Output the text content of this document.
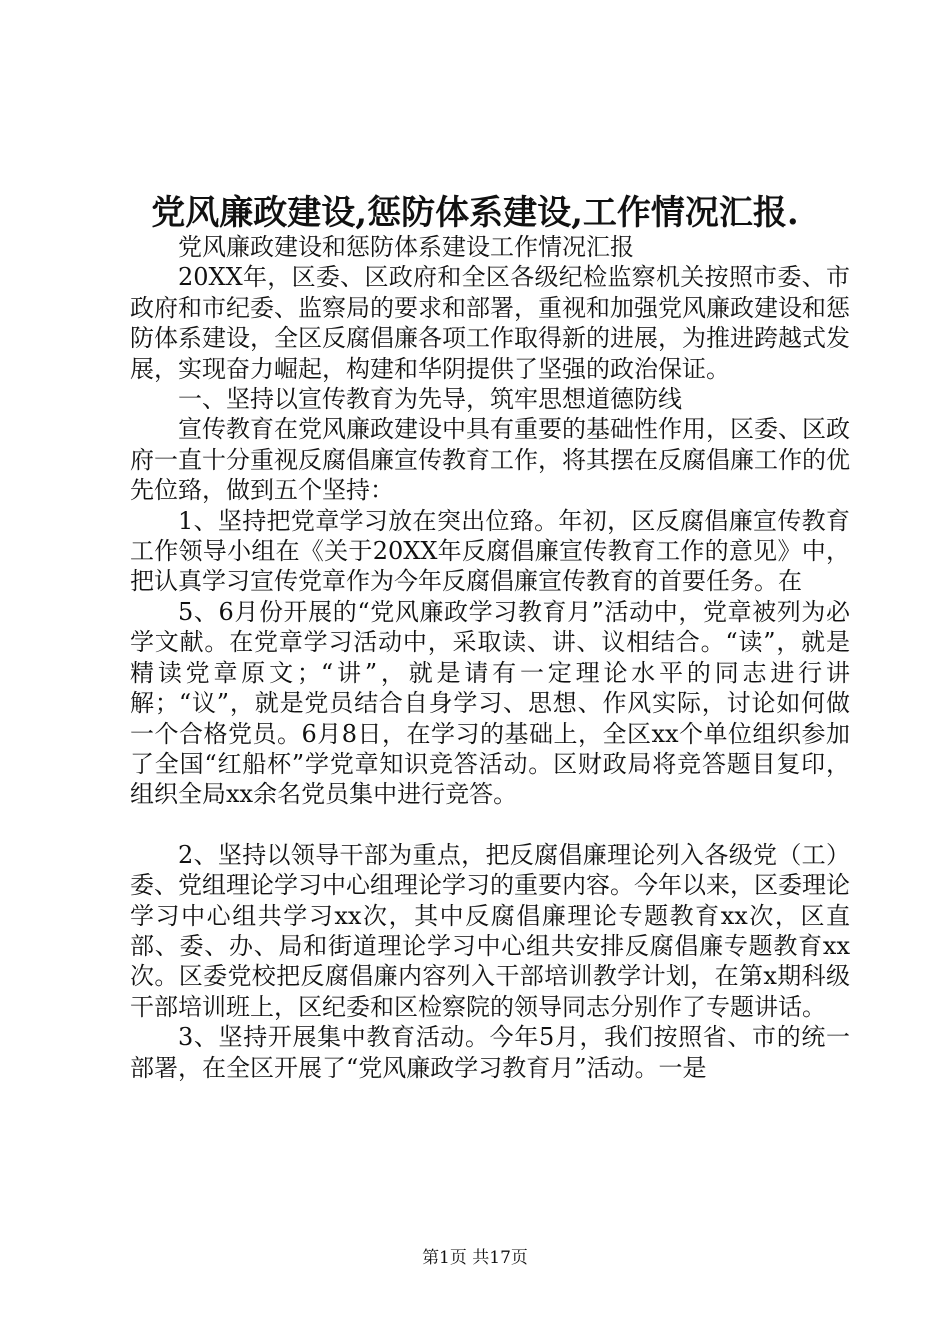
党风廉政建设,惩防体系建设,工作情况汇报.

党风廉政建设和惩防体系建设工作情况汇报

20XX年，区委、区政府和全区各级纪检监察机关按照市委、市政府和市纪委、监察局的要求和部署，重视和加强党风廉政建设和惩防体系建设，全区反腐倡廉各项工作取得新的进展，为推进跨越式发展，实现奋力崛起，构建和华阴提供了坚强的政治保证。

一、坚持以宣传教育为先导，筑牢思想道德防线

宣传教育在党风廉政建设中具有重要的基础性作用，区委、区政府一直十分重视反腐倡廉宣传教育工作，将其摆在反腐倡廉工作的优先位臵，做到五个坚持：

1、坚持把党章学习放在突出位臵。年初，区反腐倡廉宣传教育工作领导小组在《关于20XX年反腐倡廉宣传教育工作的意见》中，把认真学习宣传党章作为今年反腐倡廉宣传教育的首要任务。在

5、6月份开展的“党风廉政学习教育月”活动中，党章被列为必学文献。在党章学习活动中，采取读、讲、议相结合。“读”，就是精读党章原文；“讲”，就是请有一定理论水平的同志进行讲解；“议”，就是党员结合自身学习、思想、作风实际，讨论如何做一个合格党员。6月8日，在学习的基础上，全区xx个单位组织参加了全国“红船杯”学党章知识竞答活动。区财政局将竞答题目复印，组织全局xx余名党员集中进行竞答。

2、坚持以领导干部为重点，把反腐倡廉理论列入各级党（工）委、党组理论学习中心组理论学习的重要内容。今年以来，区委理论学习中心组共学习xx次，其中反腐倡廉理论专题教育xx次，区直部、委、办、局和街道理论学习中心组共安排反腐倡廉专题教育xx次。区委党校把反腐倡廉内容列入干部培训教学计划，在第x期科级干部培训班上，区纪委和区检察院的领导同志分别作了专题讲话。

3、坚持开展集中教育活动。今年5月，我们按照省、市的统一部署，在全区开展了“党风廉政学习教育月”活动。一是

第1页 共17页
